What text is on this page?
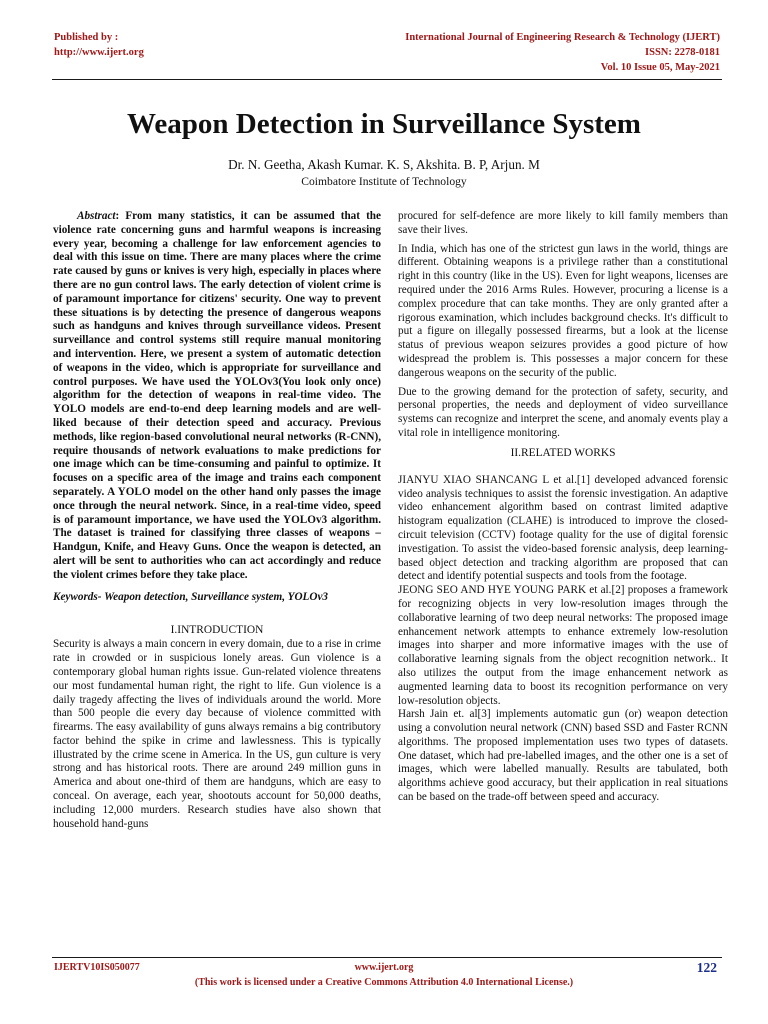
Published by :
http://www.ijert.org
International Journal of Engineering Research & Technology (IJERT)
ISSN: 2278-0181
Vol. 10 Issue 05, May-2021
Weapon Detection in Surveillance System
Dr. N. Geetha, Akash Kumar. K. S, Akshita. B. P, Arjun. M
Coimbatore Institute of Technology

Abstract: From many statistics, it can be assumed that the violence rate concerning guns and harmful weapons is increasing every year, becoming a challenge for law enforcement agencies to deal with this issue on time. There are many places where the crime rate caused by guns or knives is very high, especially in places where there are no gun control laws. The early detection of violent crime is of paramount importance for citizens' security. One way to prevent these situations is by detecting the presence of dangerous weapons such as handguns and knives through surveillance videos. Present surveillance and control systems still require manual monitoring and intervention. Here, we present a system of automatic detection of weapons in the video, which is appropriate for surveillance and control purposes. We have used the YOLOv3(You look only once) algorithm for the detection of weapons in real-time video. The YOLO models are end-to-end deep learning models and are well-liked because of their detection speed and accuracy. Previous methods, like region-based convolutional neural networks (R-CNN), require thousands of network evaluations to make predictions for one image which can be time-consuming and painful to optimize. It focuses on a specific area of the image and trains each component separately. A YOLO model on the other hand only passes the image once through the neural network. Since, in a real-time video, speed is of paramount importance, we have used the YOLOv3 algorithm. The dataset is trained for classifying three classes of weapons – Handgun, Knife, and Heavy Guns. Once the weapon is detected, an alert will be sent to authorities who can act accordingly and reduce the violent crimes before they take place.

Keywords- Weapon detection, Surveillance system, YOLOv3

I.INTRODUCTION

Security is always a main concern in every domain, due to a rise in crime rate in crowded or in suspicious lonely areas. Gun violence is a contemporary global human rights issue. Gun-related violence threatens our most fundamental human right, the right to life. Gun violence is a daily tragedy affecting the lives of individuals around the world. More than 500 people die every day because of violence committed with firearms. The easy availability of guns always remains a big contributory factor behind the spike in crime and lawlessness. This is typically illustrated by the crime scene in America. In the US, gun culture is very strong and has historical roots. There are around 249 million guns in America and about one-third of them are handguns, which are easy to conceal. On average, each year, shootouts account for 50,000 deaths, including 12,000 murders. Research studies have also shown that household hand-guns

procured for self-defence are more likely to kill family members than save their lives.

In India, which has one of the strictest gun laws in the world, things are different. Obtaining weapons is a privilege rather than a constitutional right in this country (like in the US). Even for light weapons, licenses are required under the 2016 Arms Rules. However, procuring a license is a complex procedure that can take months. They are only granted after a rigorous examination, which includes background checks. It's difficult to put a figure on illegally possessed firearms, but a look at the license status of previous weapon seizures provides a good picture of how widespread the problem is. This possesses a major concern for these dangerous weapons on the security of the public.

Due to the growing demand for the protection of safety, security, and personal properties, the needs and deployment of video surveillance systems can recognize and interpret the scene, and anomaly events play a vital role in intelligence monitoring.

II.RELATED WORKS

JIANYU XIAO SHANCANG L et al.[1] developed advanced forensic video analysis techniques to assist the forensic investigation. An adaptive video enhancement algorithm based on contrast limited adaptive histogram equalization (CLAHE) is introduced to improve the closed-circuit television (CCTV) footage quality for the use of digital forensic investigation. To assist the video-based forensic analysis, deep learning-based object detection and tracking algorithm are proposed that can detect and identify potential suspects and tools from the footage.

JEONG SEO AND HYE YOUNG PARK et al.[2] proposes a framework for recognizing objects in very low-resolution images through the collaborative learning of two deep neural networks: The proposed image enhancement network attempts to enhance extremely low-resolution images into sharper and more informative images with the use of collaborative learning signals from the object recognition network.. It also utilizes the output from the image enhancement network as augmented learning data to boost its recognition performance on very low-resolution objects.

Harsh Jain et. al[3] implements automatic gun (or) weapon detection using a convolution neural network (CNN) based SSD and Faster RCNN algorithms. The proposed implementation uses two types of datasets. One dataset, which had pre-labelled images, and the other one is a set of images, which were labelled manually. Results are tabulated, both algorithms achieve good accuracy, but their application in real situations can be based on the trade-off between speed and accuracy.

IJERTV10IS050077	www.ijert.org
(This work is licensed under a Creative Commons Attribution 4.0 International License.)
122
